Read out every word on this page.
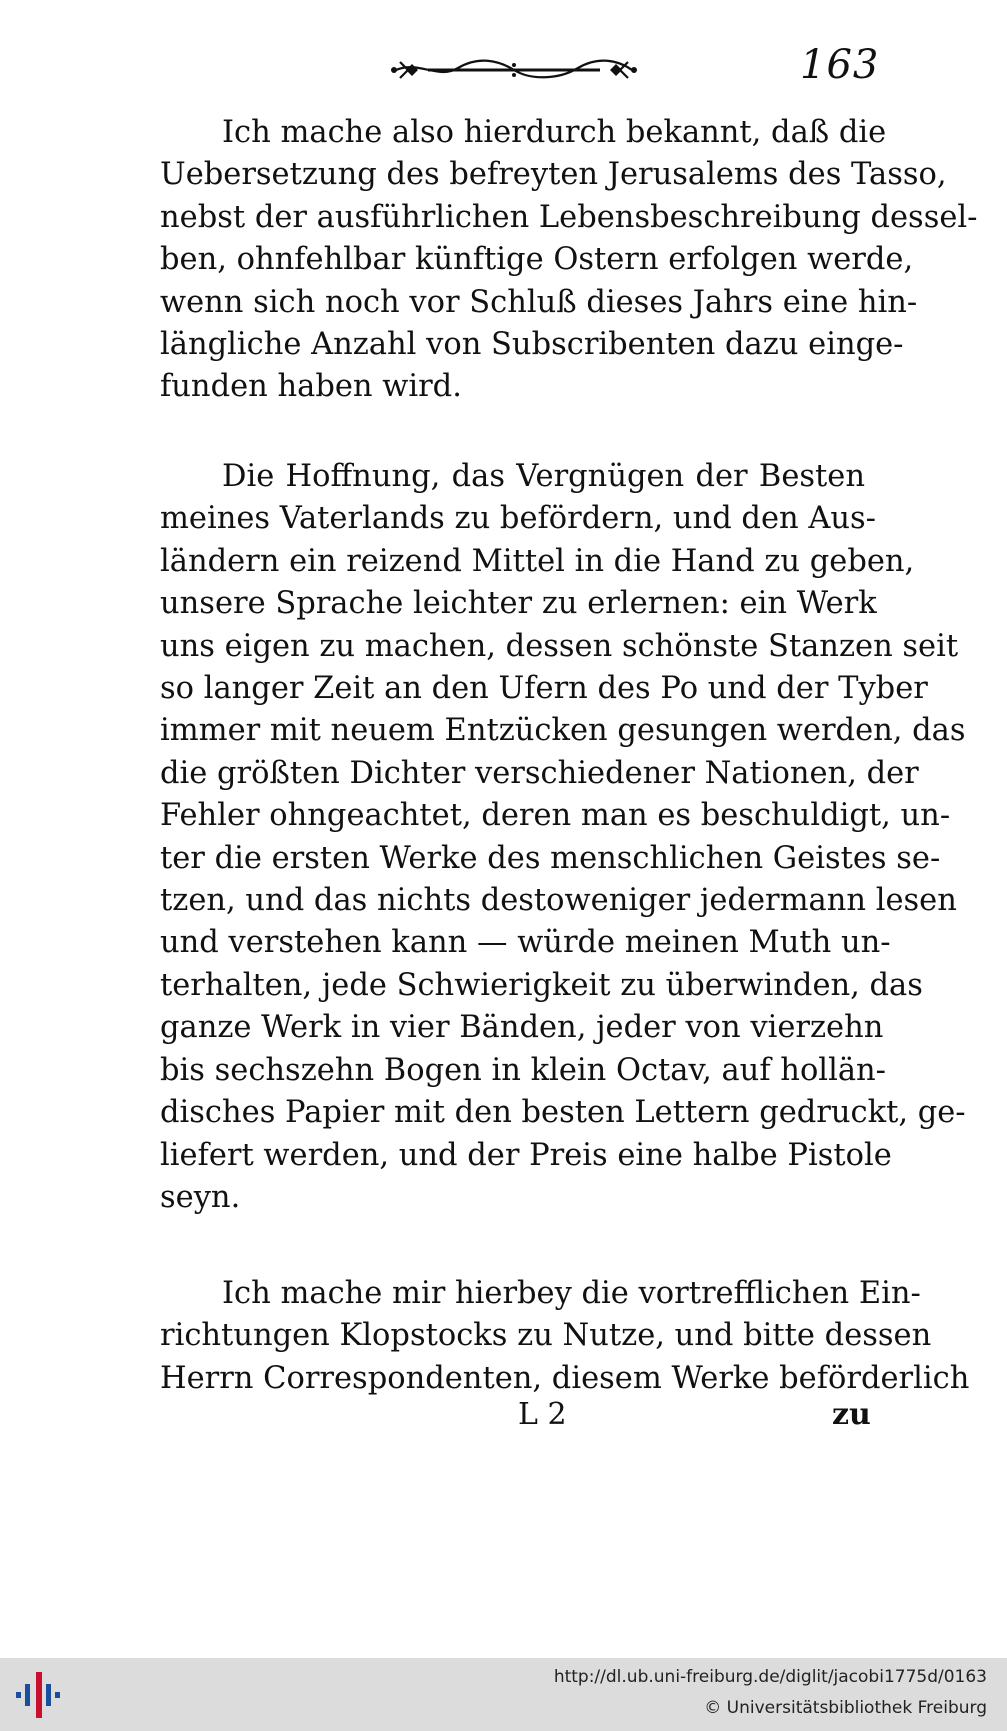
163
Ich mache also hierdurch bekannt, daß die
Uebersetzung des befreyten Jerusalems des Tasso,
nebst der ausführlichen Lebensbeschreibung dessel-
ben, ohnfehlbar künftige Ostern erfolgen werde,
wenn sich noch vor Schluß dieses Jahrs eine hin-
längliche Anzahl von Subscribenten dazu einge-
funden haben wird.
Die Hoffnung, das Vergnügen der Besten
meines Vaterlands zu befördern, und den Aus-
ländern ein reizend Mittel in die Hand zu geben,
unsere Sprache leichter zu erlernen: ein Werk
uns eigen zu machen, dessen schönste Stanzen seit
so langer Zeit an den Ufern des Po und der Tyber
immer mit neuem Entzücken gesungen werden, das
die größten Dichter verschiedener Nationen, der
Fehler ohngeachtet, deren man es beschuldigt, un-
ter die ersten Werke des menschlichen Geistes se-
tzen, und das nichts destoweniger jedermann lesen
und verstehen kann — würde meinen Muth un-
terhalten, jede Schwierigkeit zu überwinden, das
ganze Werk in vier Bänden, jeder von vierzehn
bis sechszehn Bogen in klein Octav, auf hollän-
disches Papier mit den besten Lettern gedruckt, ge-
liefert werden, und der Preis eine halbe Pistole
seyn.
Ich mache mir hierbey die vortrefflichen Ein-
richtungen Klopstocks zu Nutze, und bitte dessen
Herrn Correspondenten, diesem Werke beförderlich
L 2	zu
http://dl.ub.uni-freiburg.de/diglit/jacobi1775d/0163
© Universitätsbibliothek Freiburg
